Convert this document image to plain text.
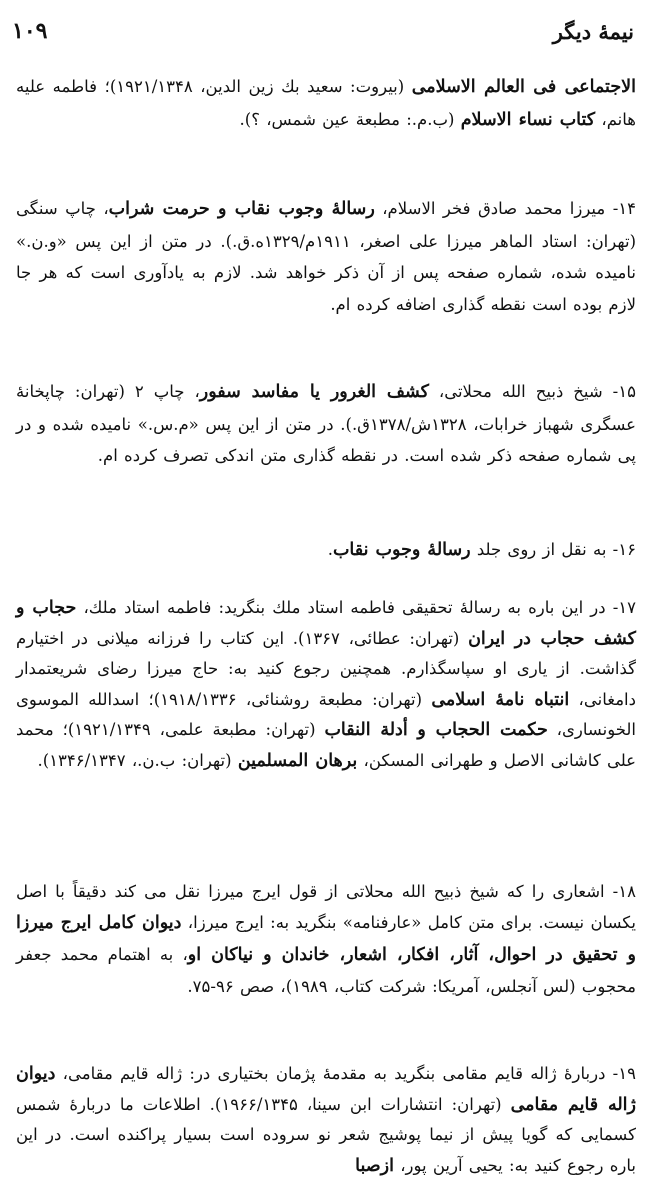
١٠٩	نیمهٔ دیگر
الاجتماعی فی العالم الاسلامی (بیروت: سعید بك زین الدین، ۱۹۲۱/۱۳۴۸)؛ فاطمه علیه هانم، کتاب نساء الاسلام (ب.م.: مطبعة عین شمس، ؟).
۱۴- میرزا محمد صادق فخر الاسلام، رسالهٔ وجوب نقاب و حرمت شراب، چاپ سنگی (تهران: استاد الماهر میرزا علی اصغر، ۱۹۱۱م/۱۳۲۹ه.ق.). در متن از این پس «و.ن.» نامیده شده، شماره صفحه پس از آن ذکر خواهد شد. لازم به یادآوری است که هر جا لازم بوده است نقطه گذاری اضافه کرده ام.
۱۵- شیخ ذبیح الله محلاتی، کشف الغرور یا مفاسد سفور، چاپ ۲ (تهران: چاپخانهٔ عسگری شهباز خرابات، ۱۳۲۸ش/۱۳۷۸ق.). در متن از این پس «م.س.» نامیده شده و در پی شماره صفحه ذکر شده است. در نقطه گذاری متن اندکی تصرف کرده ام.
۱۶- به نقل از روی جلد رسالهٔ وجوب نقاب.
۱۷- در این باره به رسالهٔ تحقیقی فاطمه استاد ملك بنگرید: فاطمه استاد ملك، حجاب و کشف حجاب در ایران (تهران: عطائی، ۱۳۶۷). این کتاب را فرزانه میلانی در اختیارم گذاشت. از یاری او سپاسگذارم. همچنین رجوع کنید به: حاج میرزا رضای شریعتمدار دامغانی، انتباه نامهٔ اسلامی (تهران: مطبعة روشنائی، ۱۹۱۸/۱۳۳۶)؛ اسدالله الموسوی الخونساری، حکمت الحجاب و أدلة النقاب (تهران: مطبعة علمی، ۱۹۲۱/۱۳۴۹)؛ محمد علی کاشانی الاصل و طهرانی المسکن، برهان المسلمین (تهران: ب.ن.، ۱۳۴۶/۱۳۴۷).
۱۸- اشعاری را که شیخ ذبیح الله محلاتی از قول ایرج میرزا نقل می کند دقیقاً با اصل یکسان نیست. برای متن کامل «عارفنامه» بنگرید به: ایرج میرزا، دیوان کامل ایرج میرزا و تحقیق در احوال، آثار، افکار، اشعار، خاندان و نیاکان او، به اهتمام محمد جعفر محجوب (لس آنجلس، آمریکا: شرکت کتاب، ۱۹۸۹)، صص ۹۶-۷۵.
۱۹- دربارهٔ ژاله قایم مقامی بنگرید به مقدمهٔ پژمان بختیاری در: ژاله قایم مقامی، دیوان ژاله قایم مقامی (تهران: انتشارات ابن سینا، ۱۹۶۶/۱۳۴۵). اطلاعات ما دربارهٔ شمس کسمایی که گویا پیش از نیما پوشیج شعر نو سروده است بسیار پراکنده است. در این باره رجوع کنید به: یحیی آرین پور، ازصبا
